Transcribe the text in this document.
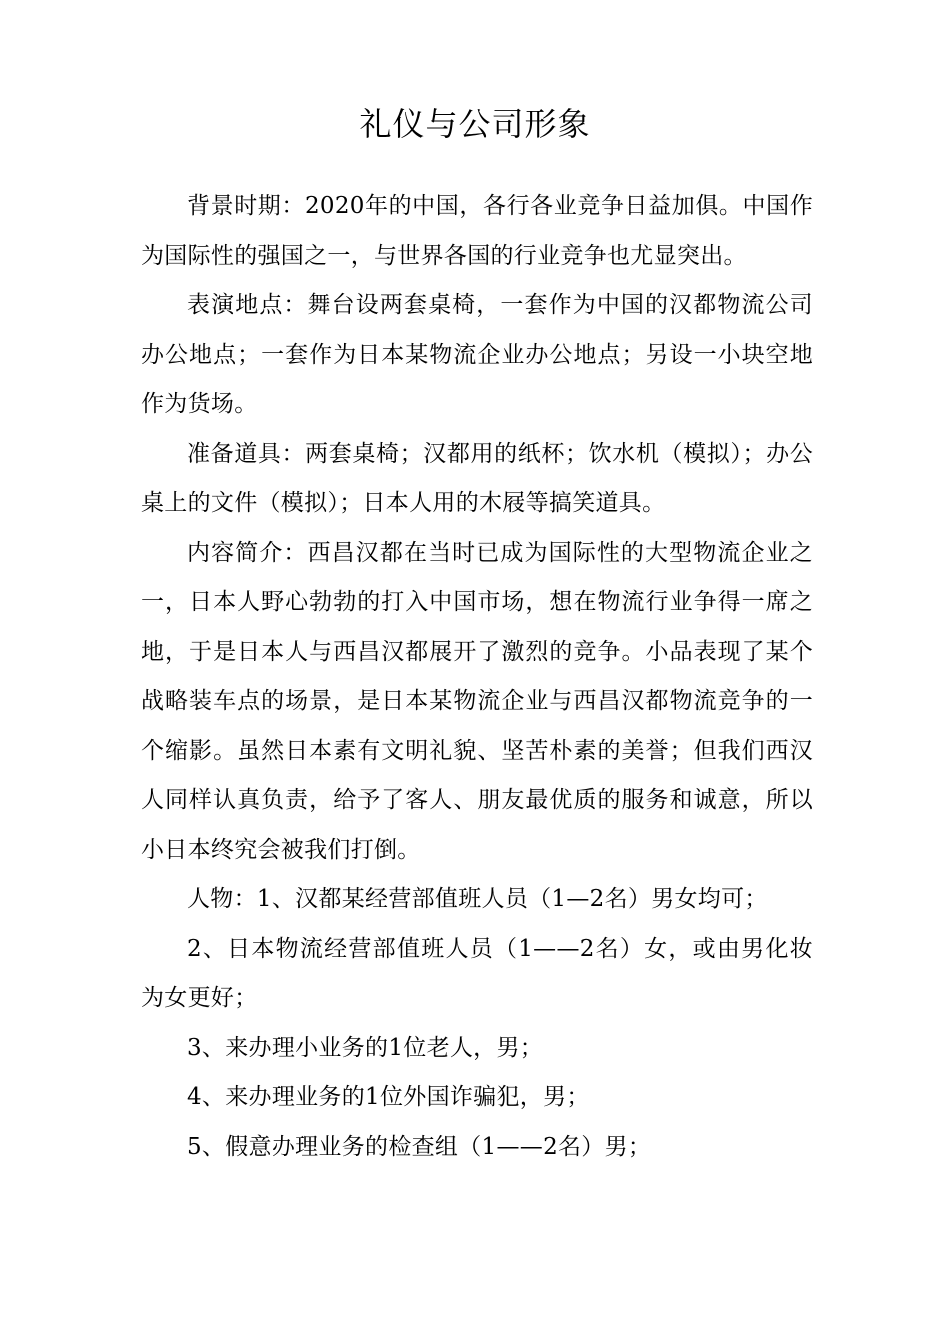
礼仪与公司形象

背景时期：2020年的中国，各行各业竞争日益加俱。中国作为国际性的强国之一，与世界各国的行业竞争也尤显突出。

表演地点：舞台设两套桌椅，一套作为中国的汉都物流公司办公地点；一套作为日本某物流企业办公地点；另设一小块空地作为货场。

准备道具：两套桌椅；汉都用的纸杯；饮水机（模拟）；办公桌上的文件（模拟）；日本人用的木屐等搞笑道具。

内容简介：西昌汉都在当时已成为国际性的大型物流企业之一，日本人野心勃勃的打入中国市场，想在物流行业争得一席之地，于是日本人与西昌汉都展开了激烈的竞争。小品表现了某个战略装车点的场景，是日本某物流企业与西昌汉都物流竞争的一个缩影。虽然日本素有文明礼貌、坚苦朴素的美誉；但我们西汉人同样认真负责，给予了客人、朋友最优质的服务和诚意，所以小日本终究会被我们打倒。

人物：1、汉都某经营部值班人员（1—2名）男女均可；

2、日本物流经营部值班人员（1——2名）女，或由男化妆为女更好；

3、来办理小业务的1位老人，男；

4、来办理业务的1位外国诈骗犯，男；

5、假意办理业务的检查组（1——2名）男；
